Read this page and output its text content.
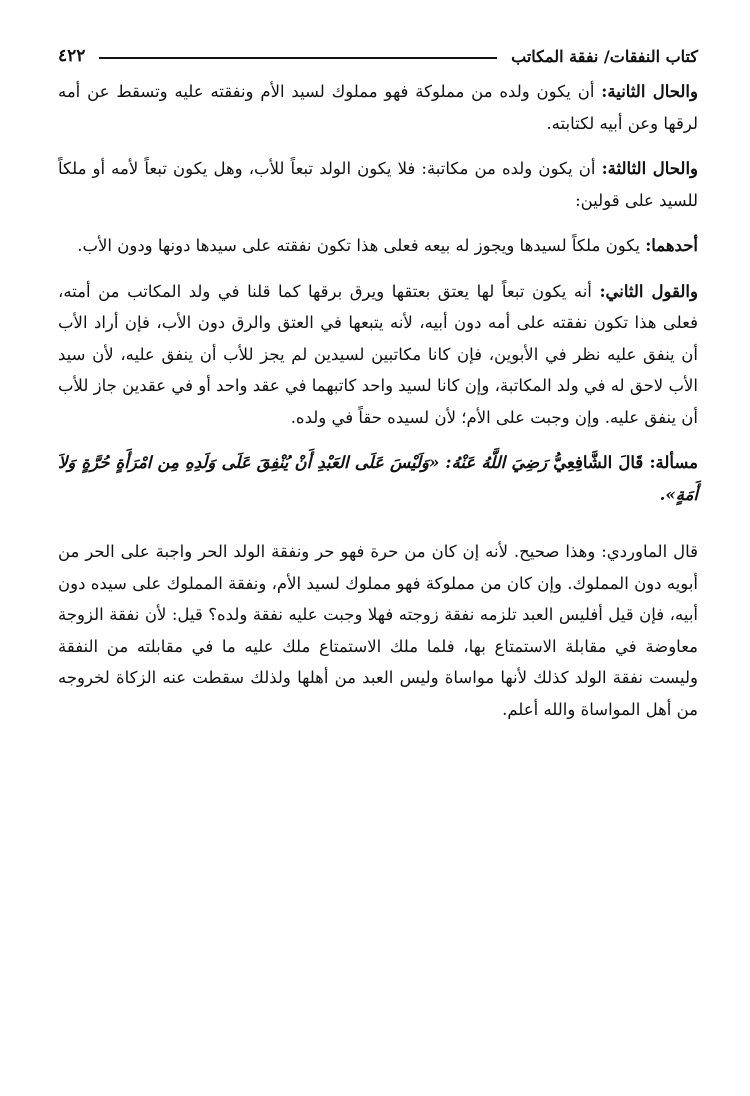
كتاب النفقات/ نفقة المكاتب
٤٢٢

والحال الثانية: أن يكون ولده من مملوكة فهو مملوك لسيد الأم ونفقته عليه وتسقط عن أمه لرقها وعن أبيه لكتابته.

والحال الثالثة: أن يكون ولده من مكاتبة: فلا يكون الولد تبعاً للأب، وهل يكون تبعاً لأمه أو ملكاً للسيد على قولين:

أحدهما: يكون ملكاً لسيدها ويجوز له بيعه فعلى هذا تكون نفقته على سيدها دونها ودون الأب.

والقول الثاني: أنه يكون تبعاً لها يعتق بعتقها ويرق برقها كما قلنا في ولد المكاتب من أمته، فعلى هذا تكون نفقته على أمه دون أبيه، لأنه يتبعها في العتق والرق دون الأب، فإن أراد الأب أن ينفق عليه نظر في الأبوين، فإن كانا مكاتبين لسيدين لم يجز للأب أن ينفق عليه، لأن سيد الأب لاحق له في ولد المكاتبة، وإن كانا لسيد واحد كاتبهما في عقد واحد أو في عقدين جاز للأب أن ينفق عليه. وإن وجبت على الأم؛ لأن لسيده حقاً في ولده.

مسألة: قَالَ الشَّافِعِيُّ رَضِيَ اللَّهُ عَنْهُ: «وَلَيْسَ عَلَى العَبْدِ أَنْ يُنْفِقَ عَلَى وَلَدِهِ مِن امْرَأَةٍ حُرَّةٍ وَلاَ أَمَةٍ».

قال الماوردي: وهذا صحيح. لأنه إن كان من حرة فهو حر ونفقة الولد الحر واجبة على الحر من أبويه دون المملوك. وإن كان من مملوكة فهو مملوك لسيد الأم، ونفقة المملوك على سيده دون أبيه، فإن قيل أفليس العبد تلزمه نفقة زوجته فهلا وجبت عليه نفقة ولده؟ قيل: لأن نفقة الزوجة معاوضة في مقابلة الاستمتاع بها، فلما ملك الاستمتاع ملك عليه ما في مقابلته من النفقة وليست نفقة الولد كذلك لأنها مواساة وليس العبد من أهلها ولذلك سقطت عنه الزكاة لخروجه من أهل المواساة والله أعلم.
